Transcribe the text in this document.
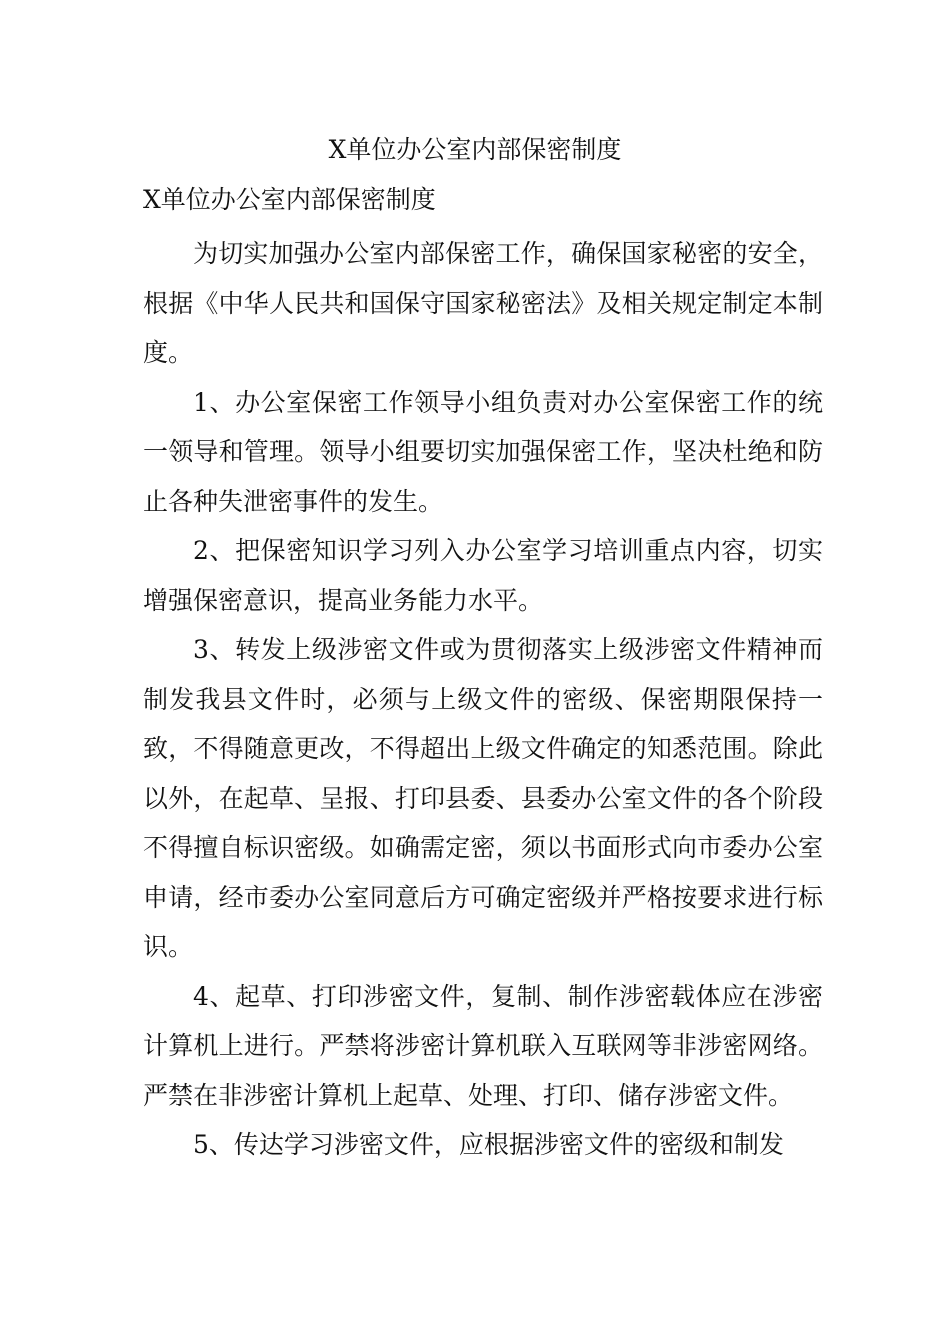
X单位办公室内部保密制度
X单位办公室内部保密制度

为切实加强办公室内部保密工作，确保国家秘密的安全，根据《中华人民共和国保守国家秘密法》及相关规定制定本制度。

1、办公室保密工作领导小组负责对办公室保密工作的统一领导和管理。领导小组要切实加强保密工作，坚决杜绝和防止各种失泄密事件的发生。

2、把保密知识学习列入办公室学习培训重点内容，切实增强保密意识，提高业务能力水平。

3、转发上级涉密文件或为贯彻落实上级涉密文件精神而制发我县文件时，必须与上级文件的密级、保密期限保持一致，不得随意更改，不得超出上级文件确定的知悉范围。除此以外，在起草、呈报、打印县委、县委办公室文件的各个阶段不得擅自标识密级。如确需定密，须以书面形式向市委办公室申请，经市委办公室同意后方可确定密级并严格按要求进行标识。

4、起草、打印涉密文件，复制、制作涉密载体应在涉密计算机上进行。严禁将涉密计算机联入互联网等非涉密网络。严禁在非涉密计算机上起草、处理、打印、储存涉密文件。

5、传达学习涉密文件，应根据涉密文件的密级和制发
